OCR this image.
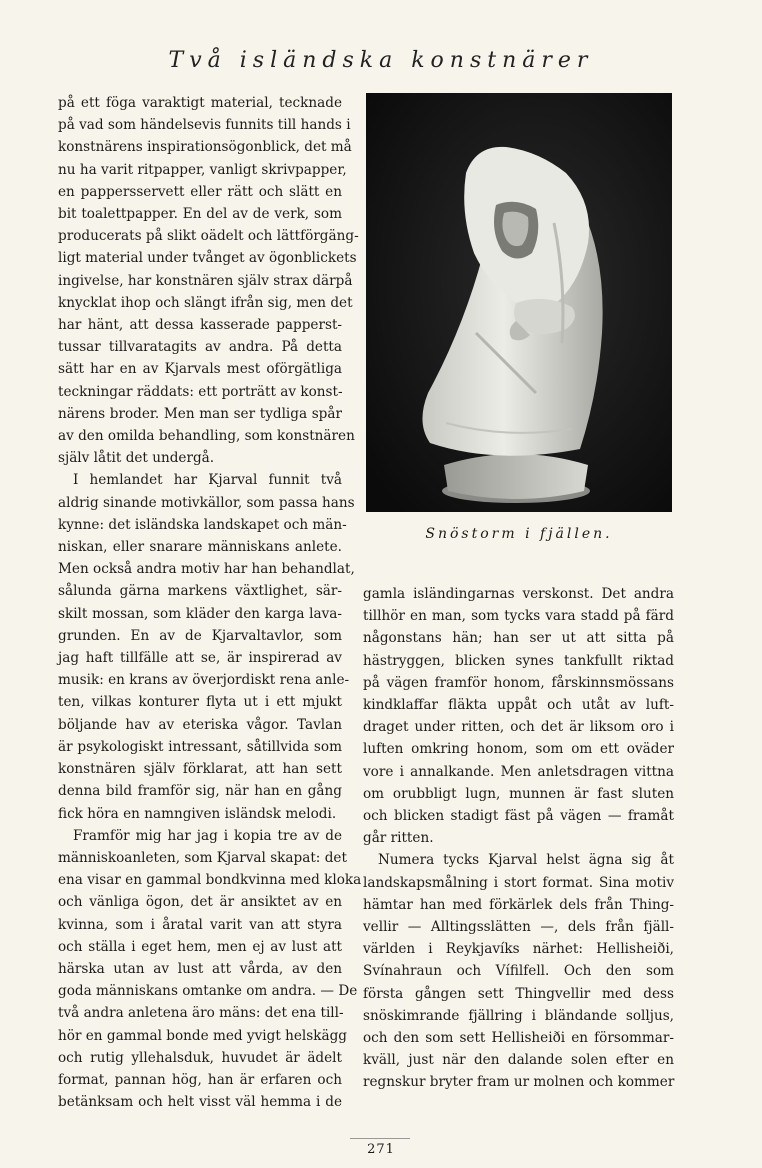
Två isländska konstnärer
på ett föga varaktigt material, tecknade
på vad som händelsevis funnits till hands i
konstnärens inspirationsögonblick, det må
nu ha varit ritpapper, vanligt skrivpapper,
en pappersservett eller rätt och slätt en
bit toalettpapper. En del av de verk, som
producerats på slikt oädelt och lättförgäng-
ligt material under tvånget av ögonblickets
ingivelse, har konstnären själv strax därpå
knycklat ihop och slängt ifrån sig, men det
har hänt, att dessa kasserade papperst-
tussar tillvaratagits av andra. På detta
sätt har en av Kjarvals mest oförgätliga
teckningar räddats: ett porträtt av konst-
närens broder. Men man ser tydliga spår
av den omilda behandling, som konstnären
själv låtit det undergå.
I hemlandet har Kjarval funnit två
aldrig sinande motivkällor, som passa hans
kynne: det isländska landskapet och män-
niskan, eller snarare människans anlete.
Men också andra motiv har han behandlat,
sålunda gärna markens växtlighet, sär-
skilt mossan, som kläder den karga lava-
grunden. En av de Kjarvaltavlor, som
jag haft tillfälle att se, är inspirerad av
musik: en krans av överjordiskt rena anle-
ten, vilkas konturer flyta ut i ett mjukt
böljande hav av eteriska vågor. Tavlan
är psykologiskt intressant, såtillvida som
konstnären själv förklarat, att han sett
denna bild framför sig, när han en gång
fick höra en namngiven isländsk melodi.
Framför mig har jag i kopia tre av de
människoanleten, som Kjarval skapat: det
ena visar en gammal bondkvinna med kloka
och vänliga ögon, det är ansiktet av en
kvinna, som i åratal varit van att styra
och ställa i eget hem, men ej av lust att
härska utan av lust att vårda, av den
goda människans omtanke om andra. — De
två andra anletena äro mäns: det ena till-
hör en gammal bonde med yvigt helskägg
och rutig yllehalsduk, huvudet är ädelt
format, pannan hög, han är erfaren och
betänksam och helt visst väl hemma i de
Snöstorm i fjällen.
gamla isländingarnas verskonst. Det andra
tillhör en man, som tycks vara stadd på färd
någonstans hän; han ser ut att sitta på
hästryggen, blicken synes tankfullt riktad
på vägen framför honom, fårskinnsmössans
kindklaffar fläkta uppåt och utåt av luft-
draget under ritten, och det är liksom oro i
luften omkring honom, som om ett oväder
vore i annalkande. Men anletsdragen vittna
om orubbligt lugn, munnen är fast sluten
och blicken stadigt fäst på vägen — framåt
går ritten.
Numera tycks Kjarval helst ägna sig åt
landskapsmålning i stort format. Sina motiv
hämtar han med förkärlek dels från Thing-
vellir — Alltingsslätten —, dels från fjäll-
världen i Reykjavíks närhet: Hellisheiði,
Svínahraun och Vífilfell. Och den som
första gången sett Thingvellir med dess
snöskimrande fjällring i bländande solljus,
och den som sett Hellisheiði en försommar-
kväll, just när den dalande solen efter en
regnskur bryter fram ur molnen och kommer
271
